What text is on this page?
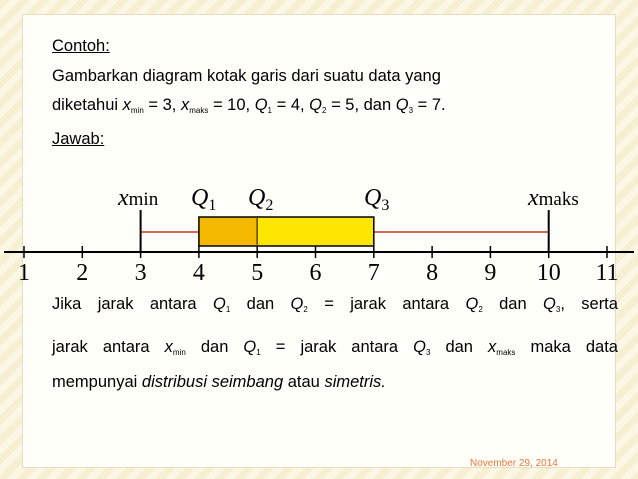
Contoh:
Gambarkan diagram kotak garis dari suatu data yang
diketahui $x_{min} = 3$, $x_{maks} = 10$, $Q_1 = 4$, $Q_2 = 5$, dan $Q_3 = 7$.
Jawab:
xmin $Q_1$ $Q_2$	$Q_3$	xmaks
1 2 3 4 5 6 7 8 9 10 11
Jika jarak antara $Q_1$ dan $Q_2$ = jarak antara $Q_2$ dan $Q_3$, serta
jarak antara $x_{min}$ dan $Q_1$ = jarak antara $Q_3$ dan $x_{maks}$ maka data
mempunyai distribusi seimbang atau simetris.
November 29, 2014
